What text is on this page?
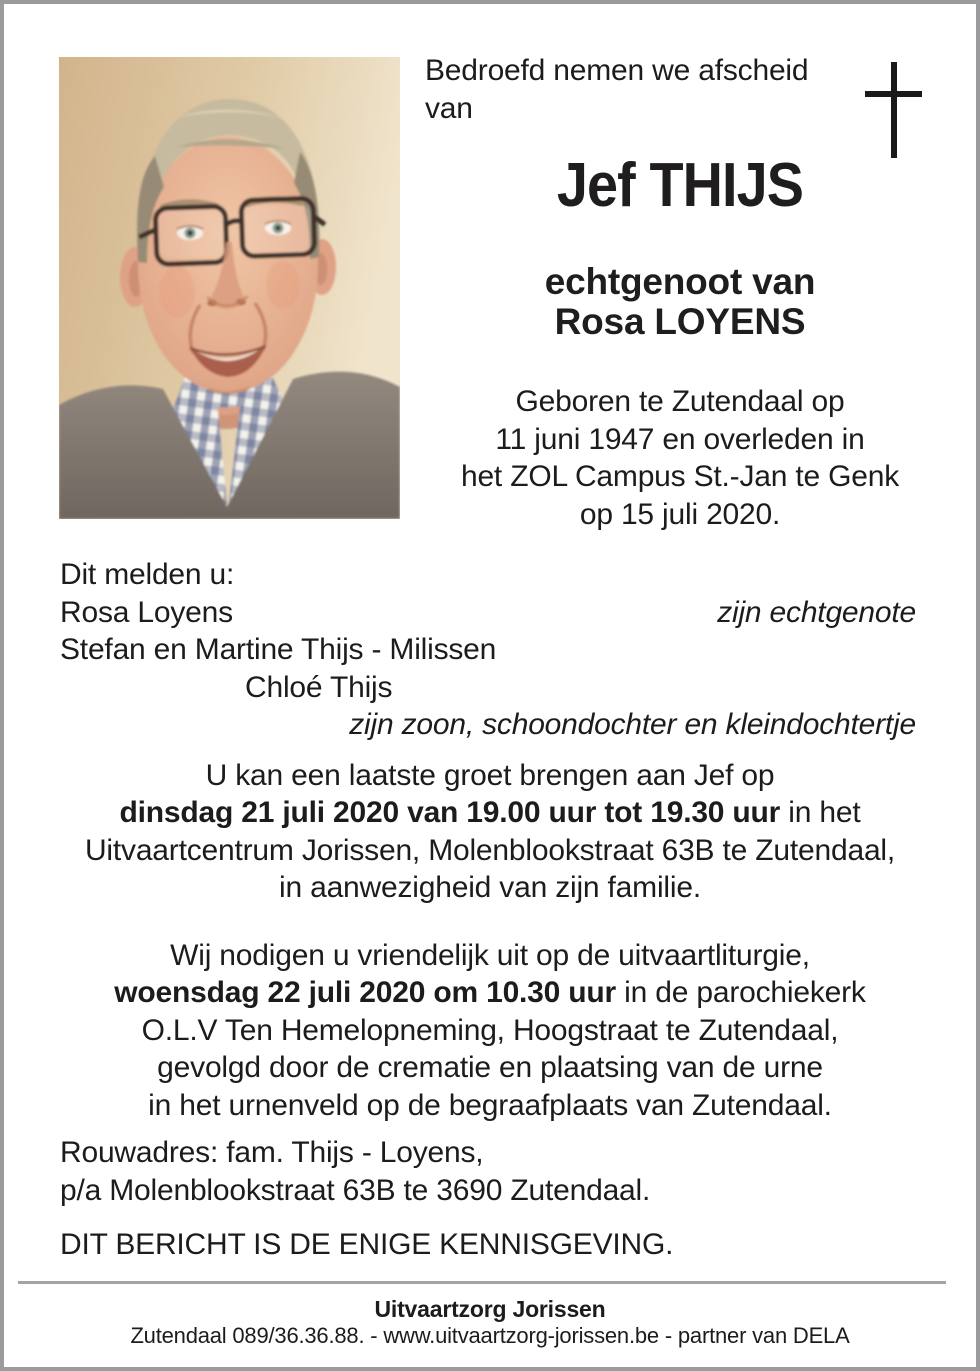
Bedroefd nemen we afscheid
van
Jef THIJS
echtgenoot van
Rosa LOYENS
Geboren te Zutendaal op
11 juni 1947 en overleden in
het ZOL Campus St.-Jan te Genk
op 15 juli 2020.
Dit melden u:
Rosa Loyens	zijn echtgenote
Stefan en Martine Thijs - Milissen
Chloé Thijs
zijn zoon, schoondochter en kleindochtertje
U kan een laatste groet brengen aan Jef op
dinsdag 21 juli 2020 van 19.00 uur tot 19.30 uur in het
Uitvaartcentrum Jorissen, Molenblookstraat 63B te Zutendaal,
in aanwezigheid van zijn familie.
Wij nodigen u vriendelijk uit op de uitvaartliturgie,
woensdag 22 juli 2020 om 10.30 uur in de parochiekerk
O.L.V Ten Hemelopneming, Hoogstraat te Zutendaal,
gevolgd door de crematie en plaatsing van de urne
in het urnenveld op de begraafplaats van Zutendaal.
Rouwadres: fam. Thijs - Loyens,
p/a Molenblookstraat 63B te 3690 Zutendaal.
DIT BERICHT IS DE ENIGE KENNISGEVING.
Uitvaartzorg Jorissen
Zutendaal 089/36.36.88. - www.uitvaartzorg-jorissen.be - partner van DELA
